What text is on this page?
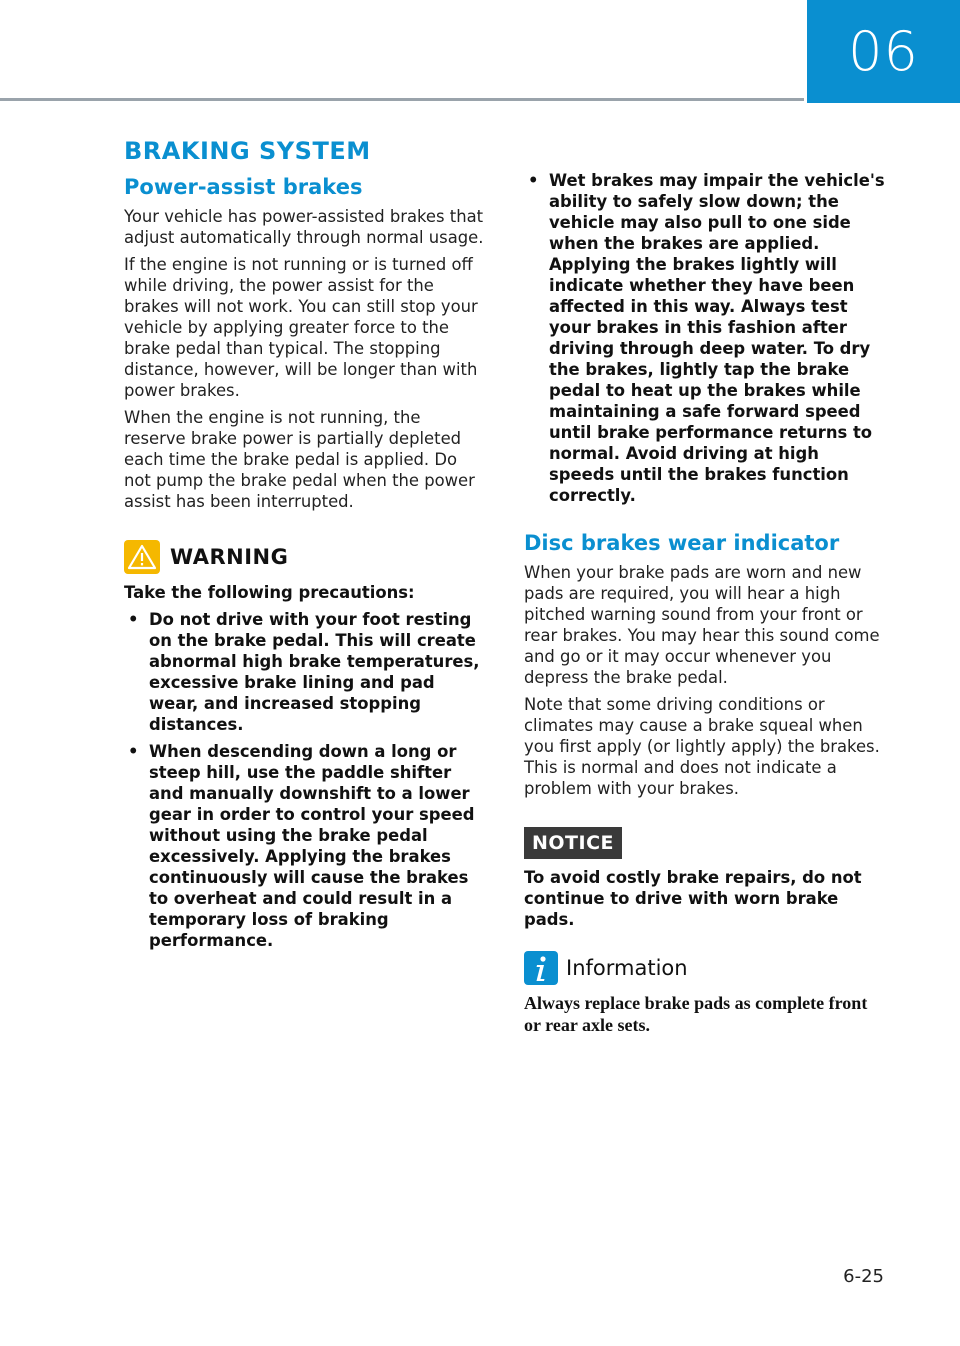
06
BRAKING SYSTEM
Power-assist brakes

Your vehicle has power-assisted brakes that adjust automatically through normal usage.

If the engine is not running or is turned off while driving, the power assist for the brakes will not work. You can still stop your vehicle by applying greater force to the brake pedal than typical. The stopping distance, however, will be longer than with power brakes.

When the engine is not running, the reserve brake power is partially depleted each time the brake pedal is applied. Do not pump the brake pedal when the power assist has been interrupted.

WARNING

Take the following precautions:

• Do not drive with your foot resting on the brake pedal. This will create abnormal high brake temperatures, excessive brake lining and pad wear, and increased stopping distances.
• When descending down a long or steep hill, use the paddle shifter and manually downshift to a lower gear in order to control your speed without using the brake pedal excessively. Applying the brakes continuously will cause the brakes to overheat and could result in a temporary loss of braking performance.
• Wet brakes may impair the vehicle's ability to safely slow down; the vehicle may also pull to one side when the brakes are applied. Applying the brakes lightly will indicate whether they have been affected in this way. Always test your brakes in this fashion after driving through deep water. To dry the brakes, lightly tap the brake pedal to heat up the brakes while maintaining a safe forward speed until brake performance returns to normal. Avoid driving at high speeds until the brakes function correctly.
Disc brakes wear indicator

When your brake pads are worn and new pads are required, you will hear a high pitched warning sound from your front or rear brakes. You may hear this sound come and go or it may occur whenever you depress the brake pedal.

Note that some driving conditions or climates may cause a brake squeal when you first apply (or lightly apply) the brakes. This is normal and does not indicate a problem with your brakes.

NOTICE

To avoid costly brake repairs, do not continue to drive with worn brake pads.

Information

Always replace brake pads as complete front or rear axle sets.

6-25
